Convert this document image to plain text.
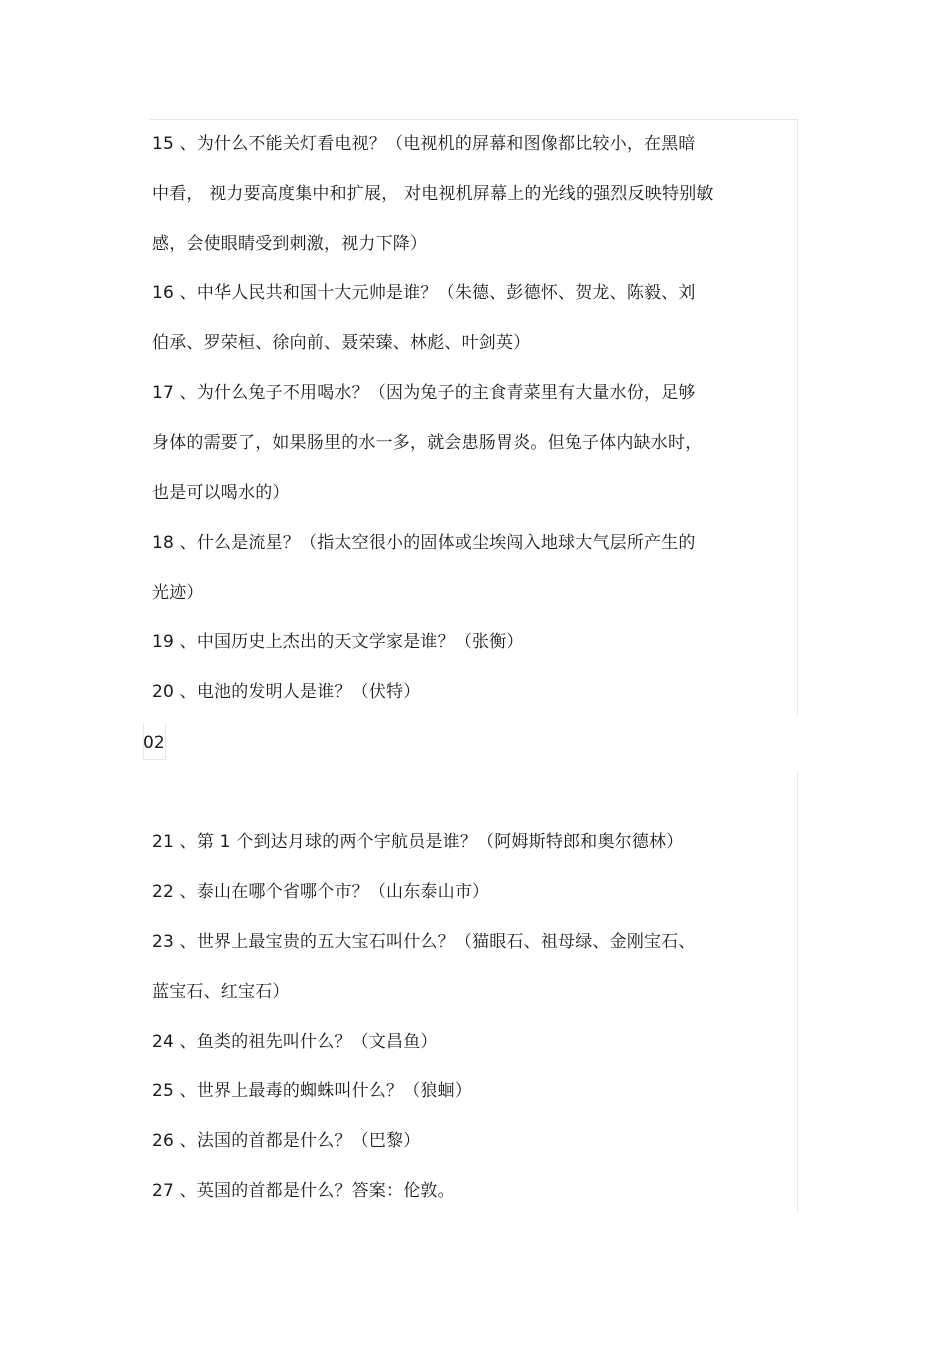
15 、为什么不能关灯看电视？（电视机的屏幕和图像都比较小，在黑暗
中看， 视力要高度集中和扩展， 对电视机屏幕上的光线的强烈反映特别敏
感，会使眼睛受到刺激，视力下降）
16 、中华人民共和国十大元帅是谁？（朱德、彭德怀、贺龙、陈毅、刘
伯承、罗荣桓、徐向前、聂荣臻、林彪、叶剑英）
17 、为什么兔子不用喝水？（因为兔子的主食青菜里有大量水份，足够
身体的需要了，如果肠里的水一多，就会患肠胃炎。但兔子体内缺水时，
也是可以喝水的）
18 、什么是流星？（指太空很小的固体或尘埃闯入地球大气层所产生的
光迹）
19 、中国历史上杰出的天文学家是谁？（张衡）
20 、电池的发明人是谁？（伏特）
02
21 、第 1 个到达月球的两个宇航员是谁？（阿姆斯特郎和奥尔德林）
22 、泰山在哪个省哪个市？（山东泰山市）
23 、世界上最宝贵的五大宝石叫什么？（猫眼石、祖母绿、金刚宝石、
蓝宝石、红宝石）
24 、鱼类的祖先叫什么？（文昌鱼）
25 、世界上最毒的蜘蛛叫什么？（狼蛔）
26 、法国的首都是什么？（巴黎）
27 、英国的首都是什么？答案：伦敦。
